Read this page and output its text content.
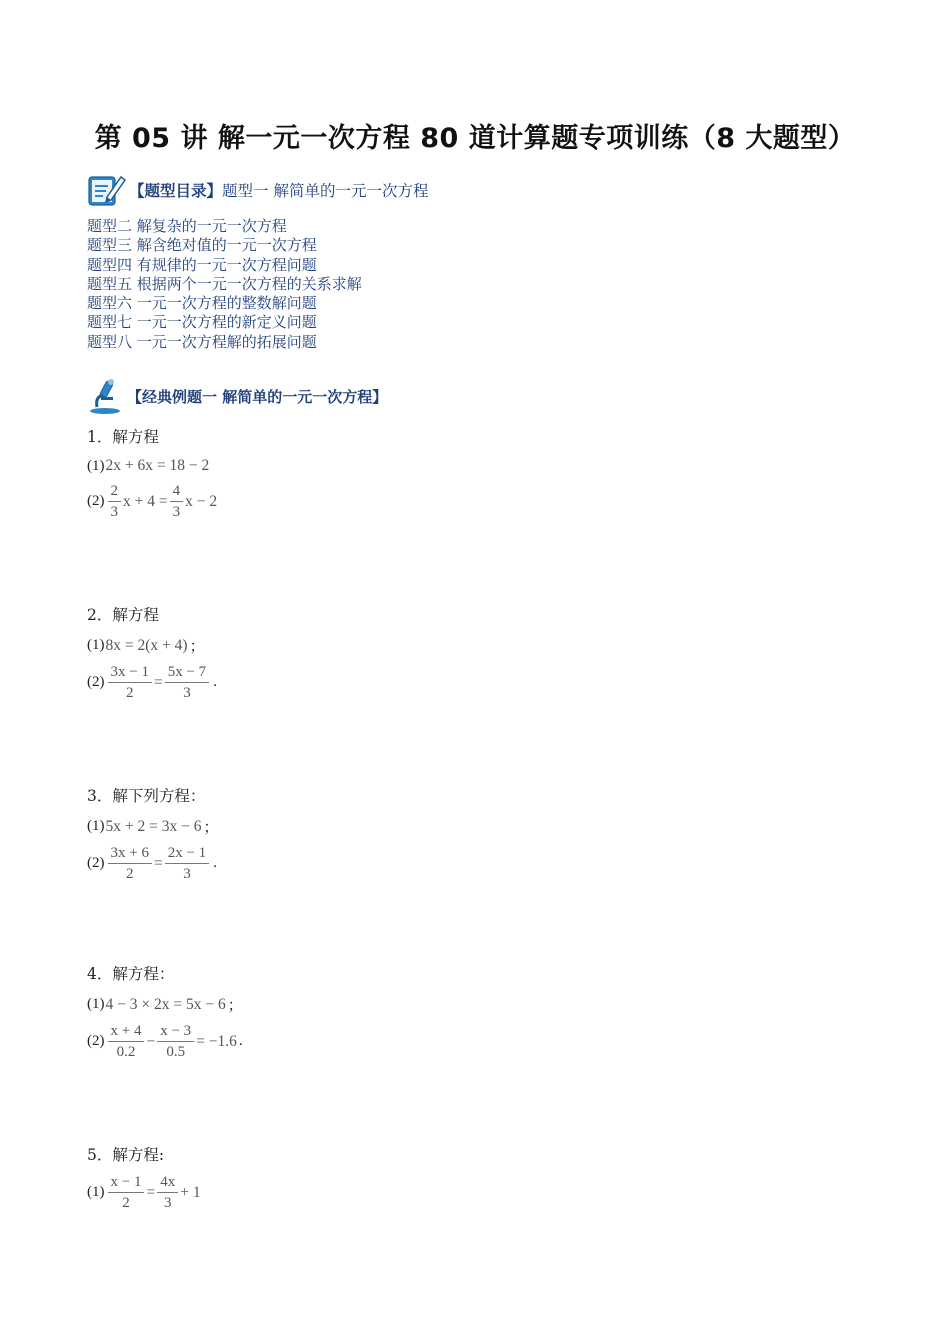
第 05 讲 解一元一次方程 80 道计算题专项训练（8 大题型）
【题型目录】题型一 解简单的一元一次方程
题型二 解复杂的一元一次方程
题型三 解含绝对值的一元一次方程
题型四 有规律的一元一次方程问题
题型五 根据两个一元一次方程的关系求解
题型六 一元一次方程的整数解问题
题型七 一元一次方程的新定义问题
题型八 一元一次方程解的拓展问题
【经典例题一 解简单的一元一次方程】
1．解方程
(1) 2x + 6x = 18 − 2
$(2) \frac{2}{3}$ $x + 4 = \frac{4}{3}$ x − 2
2．解方程
(1) 8x = 2(x + 4) ；
$(2) \frac{3x - 1}{2} = \frac{5x - 7}{3}$ .
3．解下列方程：
(1) 5x + 2 = 3x − 6 ；
$(2) \frac{3x + 6}{2} = \frac{2x - 1}{3}$ .
4．解方程：
(1) 4 − 3 × 2x = 5x − 6 ；
$(2) \frac{x + 4}{0.2} - \frac{x - 3}{0.5} = -1.6$ .
5．解方程:
$(1) \frac{x - 1}{2} = \frac{4x}{3} + 1$
